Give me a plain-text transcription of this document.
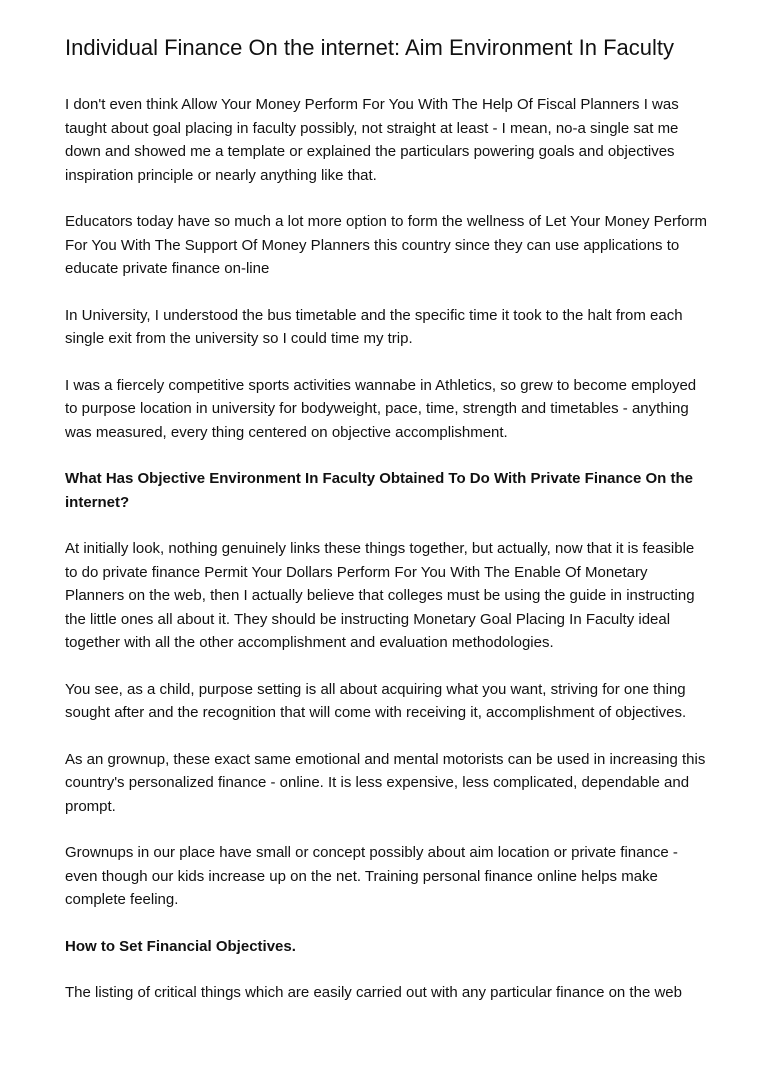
Individual Finance On the internet: Aim Environment In Faculty

I don't even think Allow Your Money Perform For You With The Help Of Fiscal Planners I was taught about goal placing in faculty possibly, not straight at least - I mean, no-a single sat me down and showed me a template or explained the particulars powering goals and objectives inspiration principle or nearly anything like that.

Educators today have so much a lot more option to form the wellness of Let Your Money Perform For You With The Support Of Money Planners this country since they can use applications to educate private finance on-line

In University, I understood the bus timetable and the specific time it took to the halt from each single exit from the university so I could time my trip.

I was a fiercely competitive sports activities wannabe in Athletics, so grew to become employed to purpose location in university for bodyweight, pace, time, strength and timetables - anything was measured, every thing centered on objective accomplishment.

What Has Objective Environment In Faculty Obtained To Do With Private Finance On the internet?

At initially look, nothing genuinely links these things together, but actually, now that it is feasible to do private finance Permit Your Dollars Perform For You With The Enable Of Monetary Planners on the web, then I actually believe that colleges must be using the guide in instructing the little ones all about it. They should be instructing Monetary Goal Placing In Faculty ideal together with all the other accomplishment and evaluation methodologies.

You see, as a child, purpose setting is all about acquiring what you want, striving for one thing sought after and the recognition that will come with receiving it, accomplishment of objectives.

As an grownup, these exact same emotional and mental motorists can be used in increasing this country's personalized finance - online. It is less expensive, less complicated, dependable and prompt.

Grownups in our place have small or concept possibly about aim location or private finance - even though our kids increase up on the net. Training personal finance online helps make complete feeling.

How to Set Financial Objectives.

The listing of critical things which are easily carried out with any particular finance on the web
